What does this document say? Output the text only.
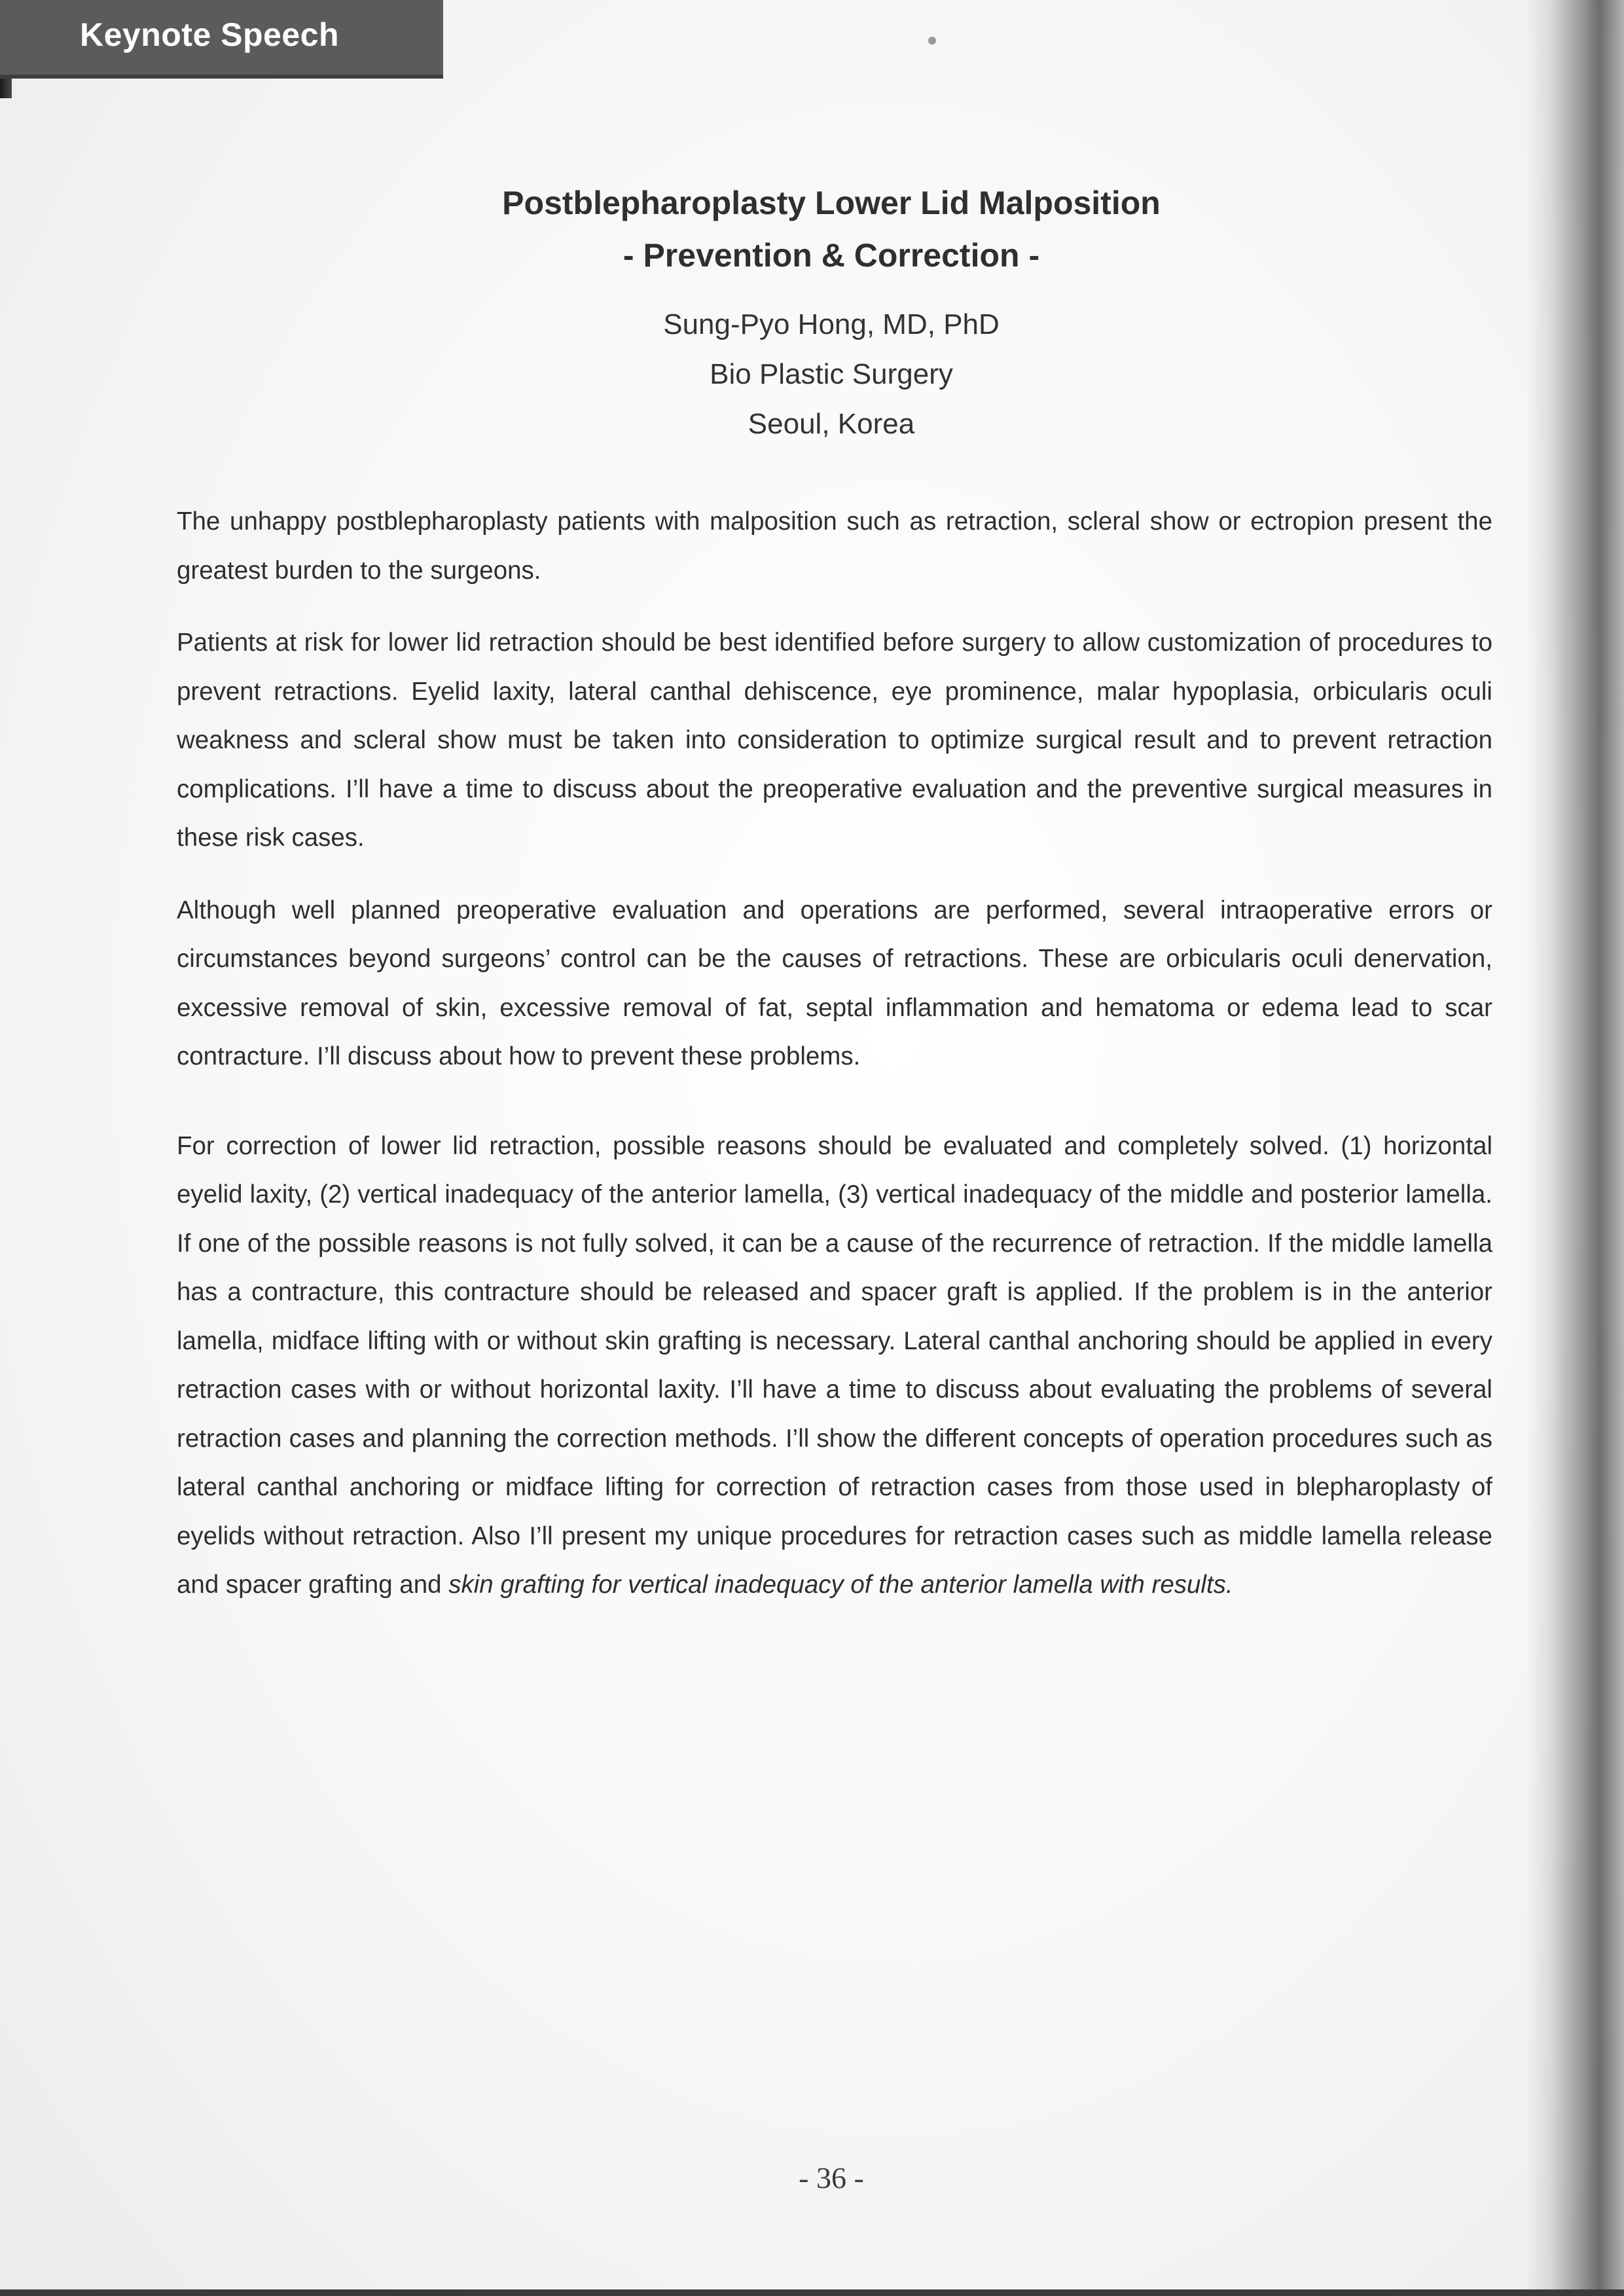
Keynote Speech
Postblepharoplasty Lower Lid Malposition
- Prevention & Correction -
Sung-Pyo Hong, MD, PhD
Bio Plastic Surgery
Seoul, Korea

The unhappy postblepharoplasty patients with malposition such as retraction, scleral show or ectropion present the greatest burden to the surgeons.

Patients at risk for lower lid retraction should be best identified before surgery to allow customization of procedures to prevent retractions. Eyelid laxity, lateral canthal dehiscence, eye prominence, malar hypoplasia, orbicularis oculi weakness and scleral show must be taken into consideration to optimize surgical result and to prevent retraction complications. I’ll have a time to discuss about the preoperative evaluation and the preventive surgical measures in these risk cases.

Although well planned preoperative evaluation and operations are performed, several intraoperative errors or circumstances beyond surgeons’ control can be the causes of retractions. These are orbicularis oculi denervation, excessive removal of skin, excessive removal of fat, septal inflammation and hematoma or edema lead to scar contracture. I’ll discuss about how to prevent these problems.

For correction of lower lid retraction, possible reasons should be evaluated and completely solved. (1) horizontal eyelid laxity, (2) vertical inadequacy of the anterior lamella, (3) vertical inadequacy of the middle and posterior lamella. If one of the possible reasons is not fully solved, it can be a cause of the recurrence of retraction. If the middle lamella has a contracture, this contracture should be released and spacer graft is applied. If the problem is in the anterior lamella, midface lifting with or without skin grafting is necessary. Lateral canthal anchoring should be applied in every retraction cases with or without horizontal laxity. I’ll have a time to discuss about evaluating the problems of several retraction cases and planning the correction methods. I’ll show the different concepts of operation procedures such as lateral canthal anchoring or midface lifting for correction of retraction cases from those used in blepharoplasty of eyelids without retraction. Also I’ll present my unique procedures for retraction cases such as middle lamella release and spacer grafting and skin grafting for vertical inadequacy of the anterior lamella with results.

- 36 -
